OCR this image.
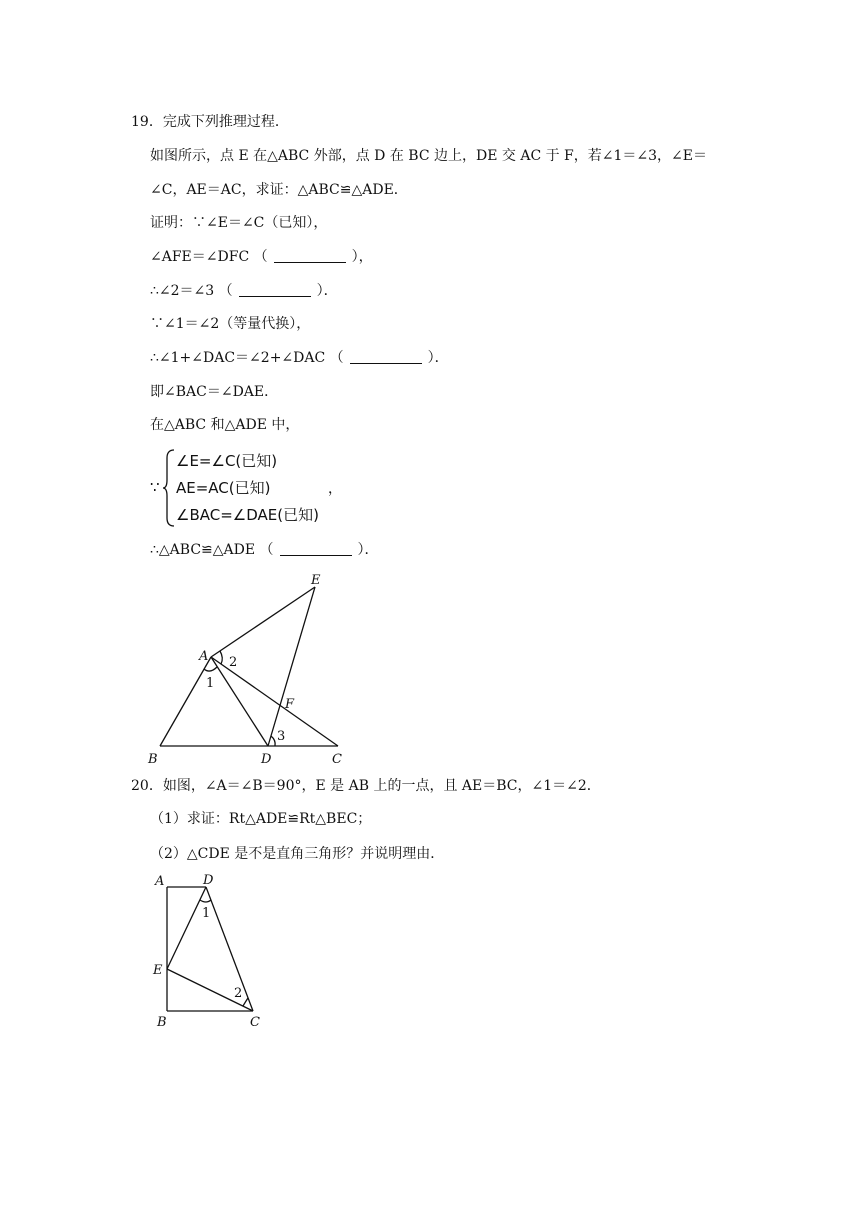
19．完成下列推理过程．
如图所示，点 E 在△ABC 外部，点 D 在 BC 边上，DE 交 AC 于 F，若∠1＝∠3，∠E＝
∠C，AE＝AC，求证：△ABC≌△ADE．
证明：∵∠E＝∠C（已知），
∠AFE＝∠DFC （	），
∴∠2＝∠3 （	）．
∵∠1＝∠2（等量代换），
∴∠1+∠DAC＝∠2+∠DAC （	）．
即∠BAC＝∠DAE．
在△ABC 和△ADE 中，
∵
∠E=∠C(已知)
AE=AC(已知)
∠BAC=∠DAE(已知)
，
∴△ABC≌△ADE （	）．
E
A 2
1
F
3
B	D	C
20．如图，∠A＝∠B＝90°，E 是 AB 上的一点，且 AE＝BC，∠1＝∠2．
（1）求证：Rt△ADE≌Rt△BEC；
（2）△CDE 是不是直角三角形？并说明理由．
A	D
1
E
2
B	C
